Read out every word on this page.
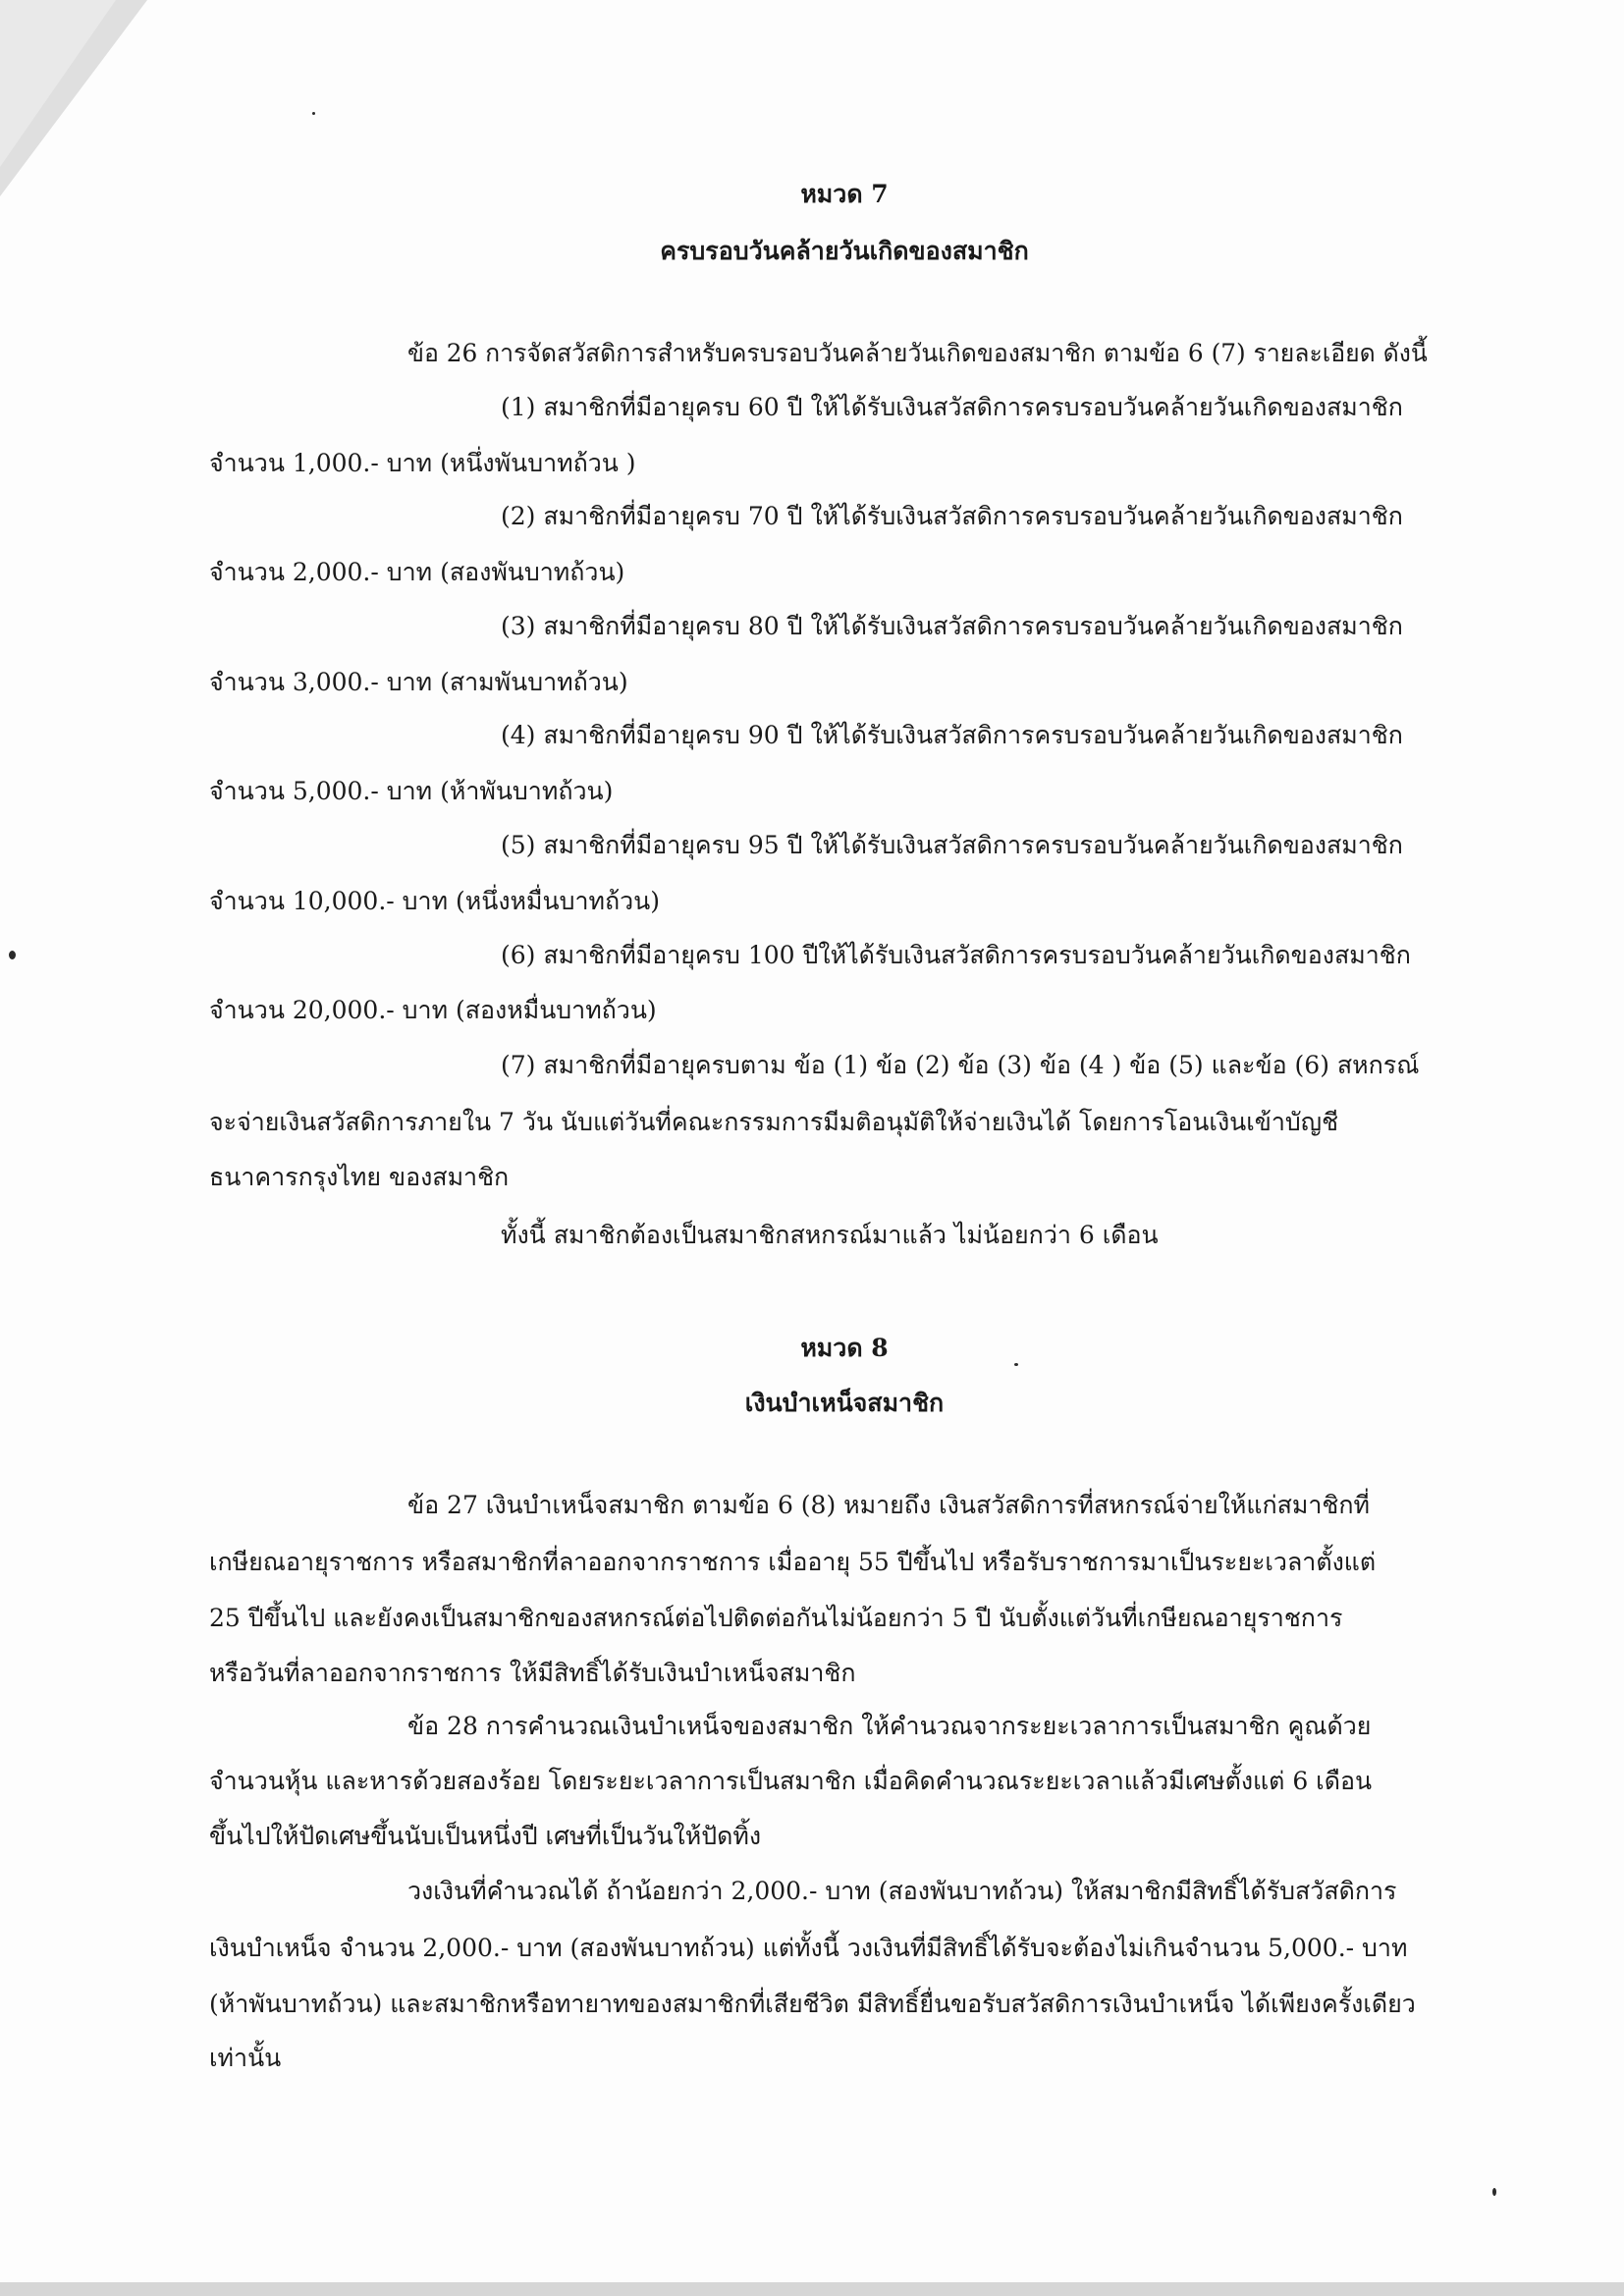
หมวด 7
ครบรอบวันคล้ายวันเกิดของสมาชิก
ข้อ 26 การจัดสวัสดิการสำหรับครบรอบวันคล้ายวันเกิดของสมาชิก ตามข้อ 6 (7) รายละเอียด ดังนี้
(1) สมาชิกที่มีอายุครบ 60 ปี ให้ได้รับเงินสวัสดิการครบรอบวันคล้ายวันเกิดของสมาชิก
จำนวน 1,000.- บาท (หนึ่งพันบาทถ้วน )
(2) สมาชิกที่มีอายุครบ 70 ปี ให้ได้รับเงินสวัสดิการครบรอบวันคล้ายวันเกิดของสมาชิก
จำนวน 2,000.- บาท (สองพันบาทถ้วน)
(3) สมาชิกที่มีอายุครบ 80 ปี ให้ได้รับเงินสวัสดิการครบรอบวันคล้ายวันเกิดของสมาชิก
จำนวน 3,000.- บาท (สามพันบาทถ้วน)
(4) สมาชิกที่มีอายุครบ 90 ปี ให้ได้รับเงินสวัสดิการครบรอบวันคล้ายวันเกิดของสมาชิก
จำนวน 5,000.- บาท (ห้าพันบาทถ้วน)
(5) สมาชิกที่มีอายุครบ 95 ปี ให้ได้รับเงินสวัสดิการครบรอบวันคล้ายวันเกิดของสมาชิก
จำนวน 10,000.- บาท (หนึ่งหมื่นบาทถ้วน)
(6) สมาชิกที่มีอายุครบ 100 ปีให้ได้รับเงินสวัสดิการครบรอบวันคล้ายวันเกิดของสมาชิก
จำนวน 20,000.- บาท (สองหมื่นบาทถ้วน)
(7) สมาชิกที่มีอายุครบตาม ข้อ (1) ข้อ (2) ข้อ (3) ข้อ (4 ) ข้อ (5) และข้อ (6) สหกรณ์
จะจ่ายเงินสวัสดิการภายใน 7 วัน นับแต่วันที่คณะกรรมการมีมติอนุมัติให้จ่ายเงินได้ โดยการโอนเงินเข้าบัญชี
ธนาคารกรุงไทย ของสมาชิก
ทั้งนี้ สมาชิกต้องเป็นสมาชิกสหกรณ์มาแล้ว ไม่น้อยกว่า 6 เดือน
หมวด 8
เงินบำเหน็จสมาชิก
ข้อ 27 เงินบำเหน็จสมาชิก ตามข้อ 6 (8) หมายถึง เงินสวัสดิการที่สหกรณ์จ่ายให้แก่สมาชิกที่
เกษียณอายุราชการ หรือสมาชิกที่ลาออกจากราชการ เมื่ออายุ 55 ปีขึ้นไป หรือรับราชการมาเป็นระยะเวลาตั้งแต่
25 ปีขึ้นไป และยังคงเป็นสมาชิกของสหกรณ์ต่อไปติดต่อกันไม่น้อยกว่า 5 ปี นับตั้งแต่วันที่เกษียณอายุราชการ
หรือวันที่ลาออกจากราชการ ให้มีสิทธิ์ได้รับเงินบำเหน็จสมาชิก
ข้อ 28 การคำนวณเงินบำเหน็จของสมาชิก ให้คำนวณจากระยะเวลาการเป็นสมาชิก คูณด้วย
จำนวนหุ้น และหารด้วยสองร้อย โดยระยะเวลาการเป็นสมาชิก เมื่อคิดคำนวณระยะเวลาแล้วมีเศษตั้งแต่ 6 เดือน
ขึ้นไปให้ปัดเศษขึ้นนับเป็นหนึ่งปี เศษที่เป็นวันให้ปัดทิ้ง
วงเงินที่คำนวณได้ ถ้าน้อยกว่า 2,000.- บาท (สองพันบาทถ้วน) ให้สมาชิกมีสิทธิ์ได้รับสวัสดิการ
เงินบำเหน็จ จำนวน 2,000.- บาท (สองพันบาทถ้วน) แต่ทั้งนี้ วงเงินที่มีสิทธิ์ได้รับจะต้องไม่เกินจำนวน 5,000.- บาท
(ห้าพันบาทถ้วน) และสมาชิกหรือทายาทของสมาชิกที่เสียชีวิต มีสิทธิ์ยื่นขอรับสวัสดิการเงินบำเหน็จ ได้เพียงครั้งเดียว
เท่านั้น
